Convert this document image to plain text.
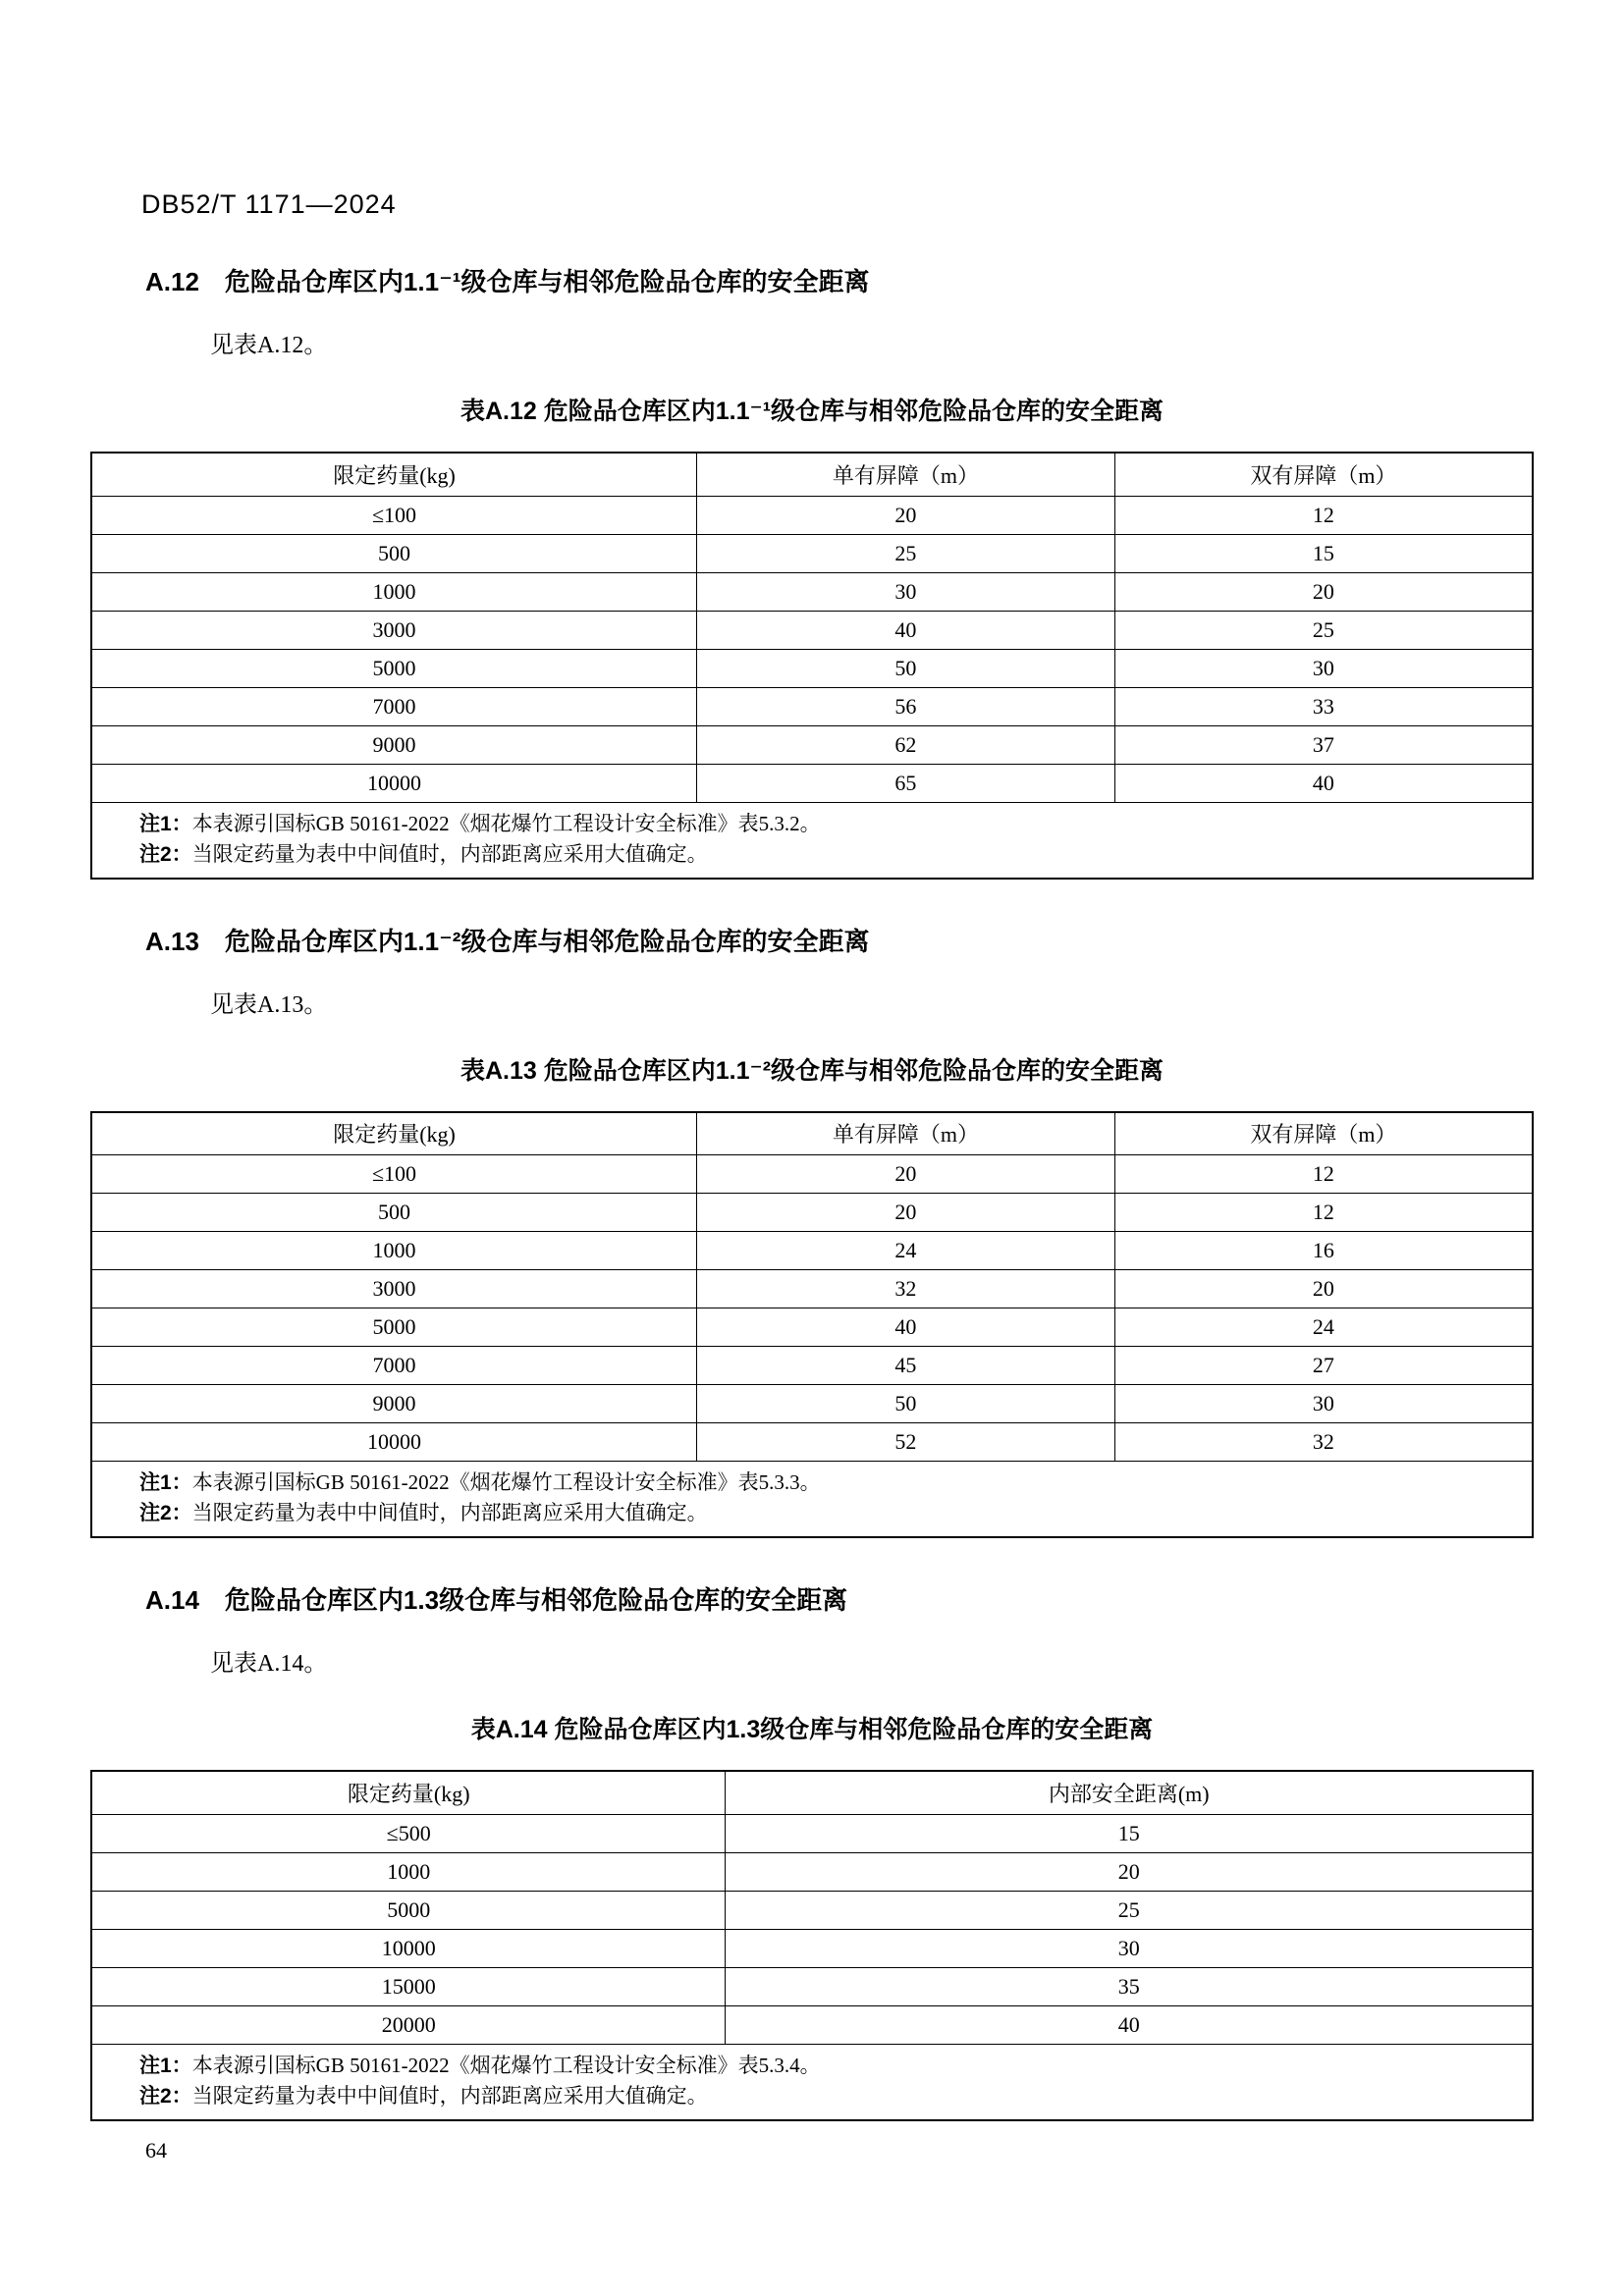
DB52/T 1171—2024
A.12 危险品仓库区内1.1⁻¹级仓库与相邻危险品仓库的安全距离

见表A.12。

表A.12 危险品仓库区内1.1⁻¹级仓库与相邻危险品仓库的安全距离
限定药量(kg)	单有屏障（m）	双有屏障（m）
≤100	20	12
500	25	15
1000	30	20
3000	40	25
5000	50	30
7000	56	33
9000	62	37
10000	65	40

注1：本表源引国标GB 50161-2022《烟花爆竹工程设计安全标准》表5.3.2。
注2：当限定药量为表中中间值时，内部距离应采用大值确定。		
A.13 危险品仓库区内1.1⁻²级仓库与相邻危险品仓库的安全距离

见表A.13。

表A.13 危险品仓库区内1.1⁻²级仓库与相邻危险品仓库的安全距离
限定药量(kg)	单有屏障（m）	双有屏障（m）
≤100	20	12
500	20	12
1000	24	16
3000	32	20
5000	40	24
7000	45	27
9000	50	30
10000	52	32

注1：本表源引国标GB 50161-2022《烟花爆竹工程设计安全标准》表5.3.3。
注2：当限定药量为表中中间值时，内部距离应采用大值确定。		
A.14 危险品仓库区内1.3级仓库与相邻危险品仓库的安全距离

见表A.14。

表A.14 危险品仓库区内1.3级仓库与相邻危险品仓库的安全距离
限定药量(kg)	内部安全距离(m)
≤500	15
1000	20
5000	25
10000	30
15000	35
20000	40

注1：本表源引国标GB 50161-2022《烟花爆竹工程设计安全标准》表5.3.4。
注2：当限定药量为表中中间值时，内部距离应采用大值确定。	
64
